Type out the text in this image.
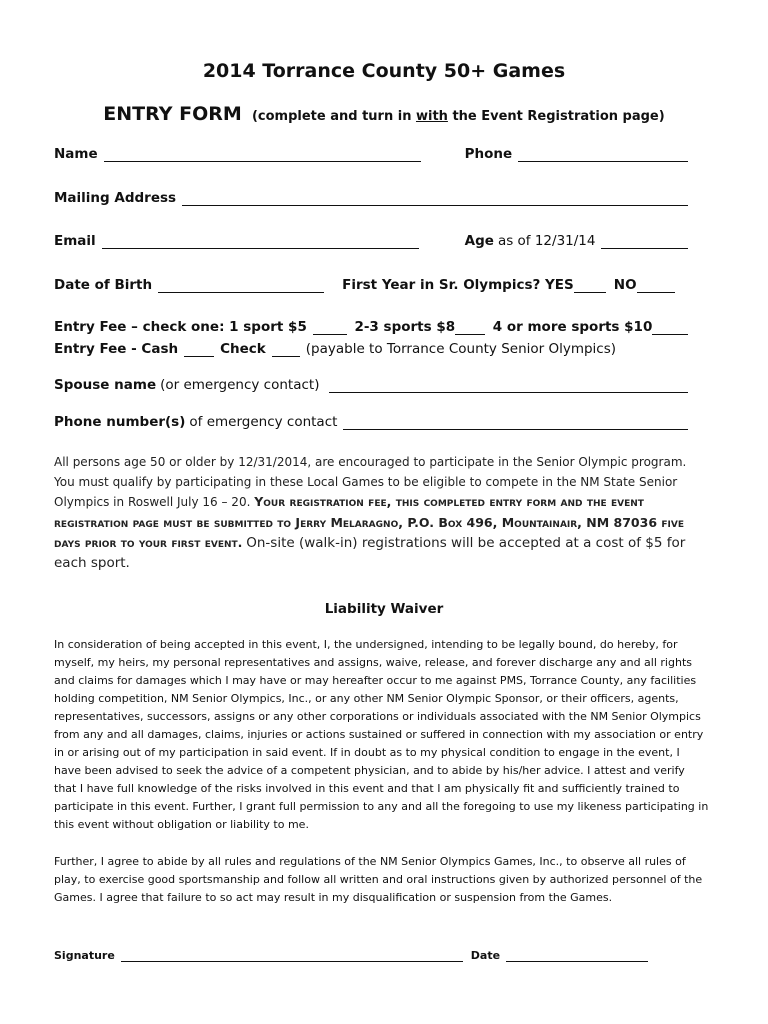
2014 Torrance County 50+ Games
ENTRY FORM (complete and turn in with the Event Registration page)
Name	Phone
Mailing Address
Email	Age as of 12/31/14
Date of Birth	First Year in Sr. Olympics? YES	NO
Entry Fee – check one: 1 sport $5	2-3 sports $8	4 or more sports $10
Entry Fee - Cash	Check	(payable to Torrance County Senior Olympics)
Spouse name (or emergency contact)
Phone number(s) of emergency contact
All persons age 50 or older by 12/31/2014, are encouraged to participate in the Senior Olympic program. You must qualify by participating in these Local Games to be eligible to compete in the NM State Senior Olympics in Roswell July 16 – 20. Your registration fee, this completed entry form and the event registration page must be submitted to Jerry Melaragno, P.O. Box 496, Mountainair, NM 87036 five days prior to your first event. On-site (walk-in) registrations will be accepted at a cost of $5 for each sport.
Liability Waiver
In consideration of being accepted in this event, I, the undersigned, intending to be legally bound, do hereby, for myself, my heirs, my personal representatives and assigns, waive, release, and forever discharge any and all rights and claims for damages which I may have or may hereafter occur to me against PMS, Torrance County, any facilities holding competition, NM Senior Olympics, Inc., or any other NM Senior Olympic Sponsor, or their officers, agents, representatives, successors, assigns or any other corporations or individuals associated with the NM Senior Olympics from any and all damages, claims, injuries or actions sustained or suffered in connection with my association or entry in or arising out of my participation in said event. If in doubt as to my physical condition to engage in the event, I have been advised to seek the advice of a competent physician, and to abide by his/her advice. I attest and verify that I have full knowledge of the risks involved in this event and that I am physically fit and sufficiently trained to participate in this event. Further, I grant full permission to any and all the foregoing to use my likeness participating in this event without obligation or liability to me.
Further, I agree to abide by all rules and regulations of the NM Senior Olympics Games, Inc., to observe all rules of play, to exercise good sportsmanship and follow all written and oral instructions given by authorized personnel of the Games. I agree that failure to so act may result in my disqualification or suspension from the Games.
Signature	Date
